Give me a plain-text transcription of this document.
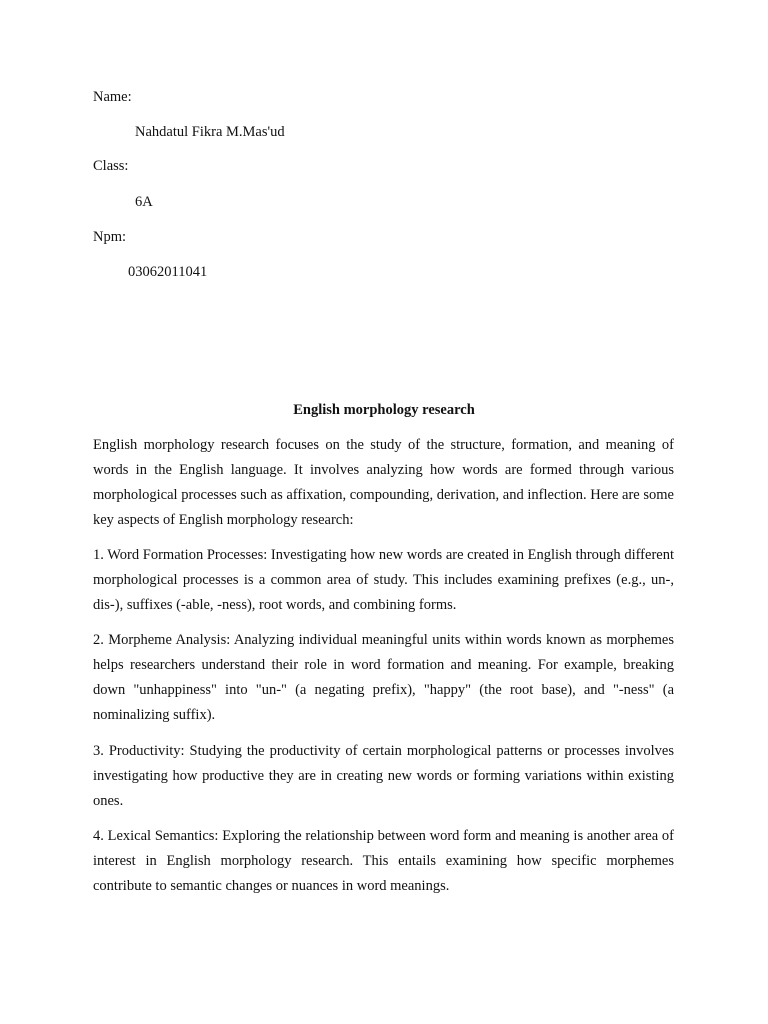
Name:
Nahdatul Fikra M.Mas'ud
Class:
6A
Npm:
03062011041
English morphology research
English morphology research focuses on the study of the structure, formation, and meaning of words in the English language. It involves analyzing how words are formed through various morphological processes such as affixation, compounding, derivation, and inflection. Here are some key aspects of English morphology research:
1. Word Formation Processes: Investigating how new words are created in English through different morphological processes is a common area of study. This includes examining prefixes (e.g., un-, dis-), suffixes (-able, -ness), root words, and combining forms.
2. Morpheme Analysis: Analyzing individual meaningful units within words known as morphemes helps researchers understand their role in word formation and meaning. For example, breaking down "unhappiness" into "un-" (a negating prefix), "happy" (the root base), and "-ness" (a nominalizing suffix).
3. Productivity: Studying the productivity of certain morphological patterns or processes involves investigating how productive they are in creating new words or forming variations within existing ones.
4. Lexical Semantics: Exploring the relationship between word form and meaning is another area of interest in English morphology research. This entails examining how specific morphemes contribute to semantic changes or nuances in word meanings.
